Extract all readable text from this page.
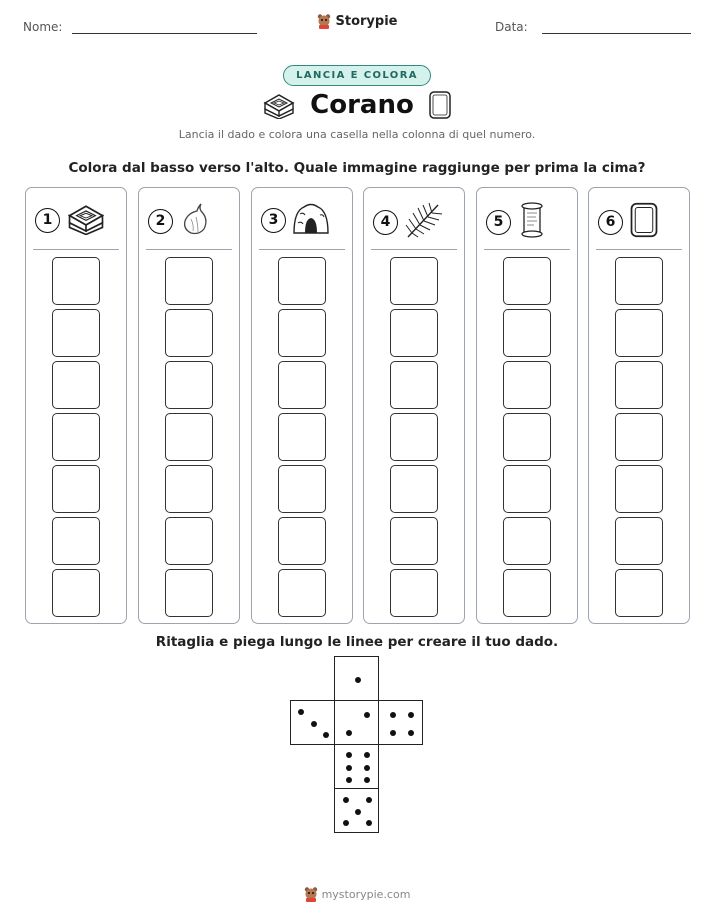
Nome:	Storypie	Data:
LANCIA E COLORA
Corano
Lancia il dado e colora una casella nella colonna di quel numero.
Colora dal basso verso l'alto. Quale immagine raggiunge per prima la cima?
1	2	3	4	5	6
Ritaglia e piega lungo le linee per creare il tuo dado.
mystorypie.com
